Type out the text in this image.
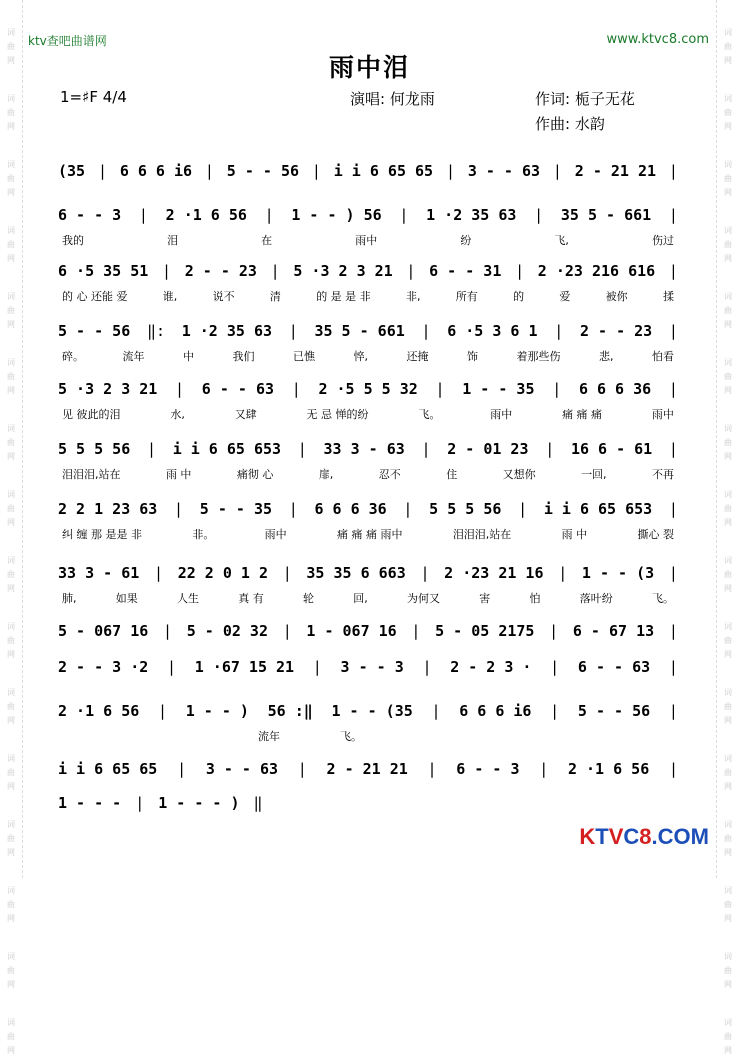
词
曲
网
词
曲
网
词
曲
网
词
曲
网
词
曲
网
词
曲
网
词
曲
网
词
曲
网
词
曲
网
词
曲
网
词
曲
网
词
曲
网
词
曲
网
词
曲
网
词
曲
网
词
曲
网
词
曲
网
词
曲
网
词
曲
网
词
曲
网
词
曲
网
词
曲
网
词
曲
网
词
曲
网
词
曲
网
词
曲
网
词
曲
网
词
曲
网
词
曲
网
词
曲
网
词
曲
网
词
曲
网
ktv查吧曲谱网	www.ktvc8.com
雨中泪
1=♯F 4/4	演唱: 何龙雨	作词: 栀子无花
作曲: 水韵
(35 | 6 6 6 i6 | 5 - - 56 | i i 6 65 65 | 3 - - 63 | 2 - 21 21 |
6 - - 3 | 2 ·1 6 56 | 1 - - ) 56 | 1 ·2 35 63 | 35 5 - 661 |
我的	泪	在	雨中	纷	飞,	伤过
6 ·5 35 51 | 2 - - 23 | 5 ·3 2 3 21 | 6 - - 31 | 2 ·23 216 616 |
的 心 还能 爱	谁,	说不	清	的 是 是 非	非,	所有	的	爱	被你	揉
5 - - 56 ‖: 1 ·2 35 63 | 35 5 - 661 | 6 ·5 3 6 1 | 2 - - 23 |
碎。	流年	中	我们	已憔	悴,	还掩	饰	着那些伤	悲,	怕看
5 ·3 2 3 21 | 6 - - 63 | 2 ·5 5 5 32 | 1 - - 35 | 6 6 6 36 |
见 彼此的泪	水,	又肆	无 忌 惮的纷	飞。	雨中	痛 痛 痛	雨中
5 5 5 56 | i i 6 65 653 | 33 3 - 63 | 2 - 01 23 | 16 6 - 61 |
泪泪泪,站在	雨 中	痛彻 心	扉,	忍不	住	又想你	一回,	不再
2 2 1 23 63 | 5 - - 35 | 6 6 6 36 | 5 5 5 56 | i i 6 65 653 |
纠 缠 那 是是 非	非。	雨中	痛 痛 痛 雨中	泪泪泪,站在	雨 中	撕心 裂
33 3 - 61 | 22 2 0 1 2 | 35 35 6 663 | 2 ·23 21 16 | 1 - - (3 |
肺,	如果	人生	真 有	轮	回,	为何又	害	怕	落叶纷	飞。
5 - 067 16 | 5 - 02 32 | 1 - 067 16 | 5 - 05 2175 | 6 - 67 13 |
2 - - 3 ·2 | 1 ·67 15 21 | 3 - - 3 | 2 - 2 3 · | 6 - - 63 |
2 ·1 6 56 | 1 - - ) 56 :‖ 1 - - (35 | 6 6 6 i6 | 5 - - 56 |
流年	飞。
i i 6 65 65 | 3 - - 63 | 2 - 21 21 | 6 - - 3 | 2 ·1 6 56 |
1 - - - | 1 - - - ) ‖
KTVC8.COM
